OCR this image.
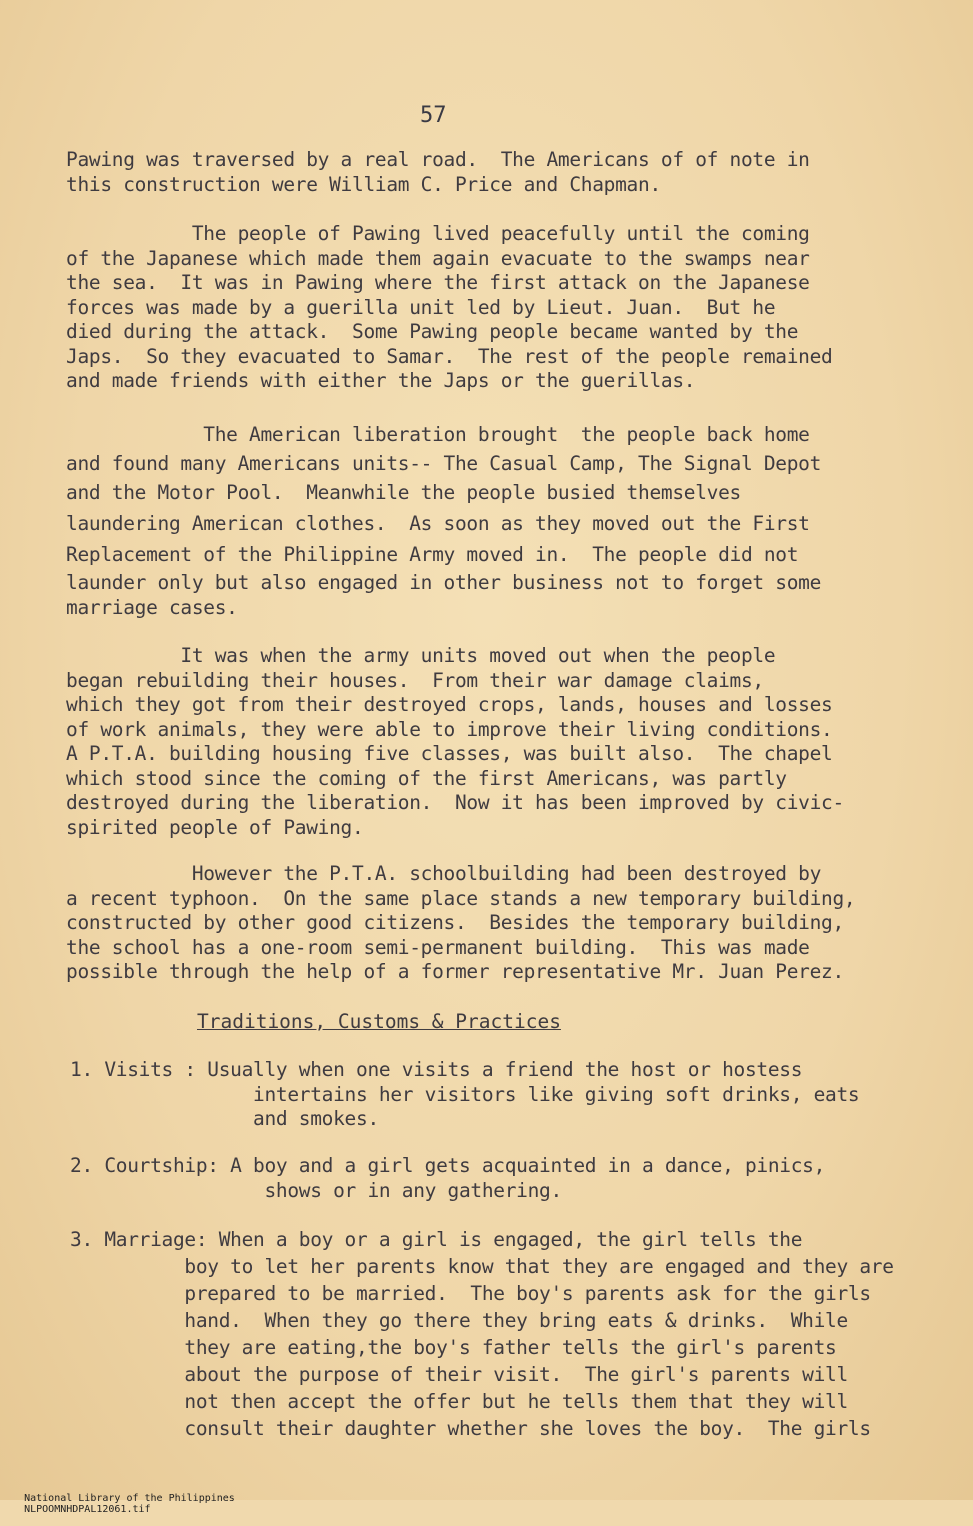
57
Pawing was traversed by a real road.  The Americans of of note in
this construction were William C. Price and Chapman.
The people of Pawing lived peacefully until the coming
of the Japanese which made them again evacuate to the swamps near
the sea.  It was in Pawing where the first attack on the Japanese
forces was made by a guerilla unit led by Lieut. Juan.  But he
died during the attack.  Some Pawing people became wanted by the
Japs.  So they evacuated to Samar.  The rest of the people remained
and made friends with either the Japs or the guerillas.
The American liberation brought  the people back home
and found many Americans units-- The Casual Camp, The Signal Depot
and the Motor Pool.  Meanwhile the people busied themselves
laundering American clothes.  As soon as they moved out the First
Replacement of the Philippine Army moved in.  The people did not
launder only but also engaged in other business not to forget some
marriage cases.
It was when the army units moved out when the people
began rebuilding their houses.  From their war damage claims,
which they got from their destroyed crops, lands, houses and losses
of work animals, they were able to improve their living conditions.
A P.T.A. building housing five classes, was built also.  The chapel
which stood since the coming of the first Americans, was partly
destroyed during the liberation.  Now it has been improved by civic-
spirited people of Pawing.
However the P.T.A. schoolbuilding had been destroyed by
a recent typhoon.  On the same place stands a new temporary building,
constructed by other good citizens.  Besides the temporary building,
the school has a one-room semi-permanent building.  This was made
possible through the help of a former representative Mr. Juan Perez.
Traditions, Customs & Practices
1. Visits : Usually when one visits a friend the host or hostess
intertains her visitors like giving soft drinks, eats
and smokes.
2. Courtship: A boy and a girl gets acquainted in a dance, pinics,
shows or in any gathering.
3. Marriage: When a boy or a girl is engaged, the girl tells the
boy to let her parents know that they are engaged and they are
prepared to be married.  The boy's parents ask for the girls
hand.  When they go there they bring eats & drinks.  While
they are eating,the boy's father tells the girl's parents
about the purpose of their visit.  The girl's parents will
not then accept the offer but he tells them that they will
consult their daughter whether she loves the boy.  The girls

National Library of the Philippines
NLPOOMNHDPAL12061.tif
